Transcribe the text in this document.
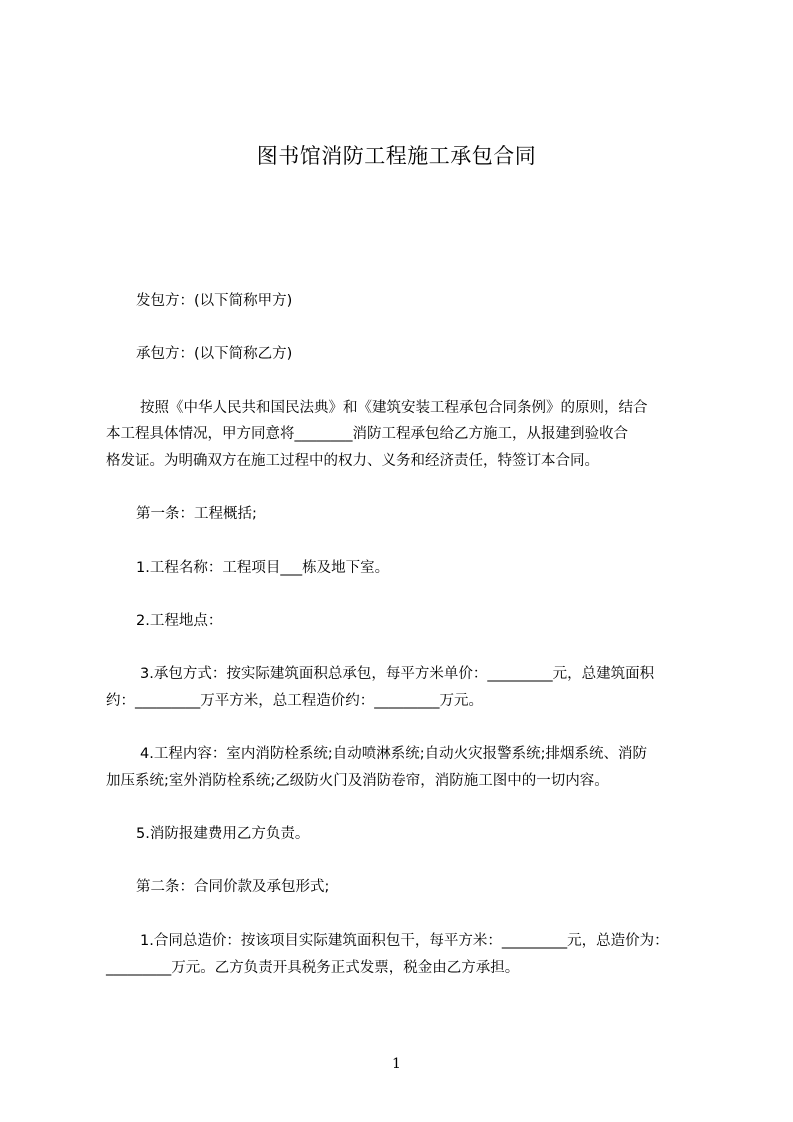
图书馆消防工程施工承包合同
发包方：(以下简称甲方)
承包方：(以下简称乙方)
按照《中华人民共和国民法典》和《建筑安装工程承包合同条例》的原则，结合
本工程具体情况，甲方同意将________消防工程承包给乙方施工，从报建到验收合
格发证。为明确双方在施工过程中的权力、义务和经济责任，特签订本合同。
第一条：工程概括;
1.工程名称：工程项目___栋及地下室。
2.工程地点：
3.承包方式：按实际建筑面积总承包，每平方米单价：_________元，总建筑面积
约：_________万平方米，总工程造价约：_________万元。
4.工程内容：室内消防栓系统;自动喷淋系统;自动火灾报警系统;排烟系统、消防
加压系统;室外消防栓系统;乙级防火门及消防卷帘，消防施工图中的一切内容。
5.消防报建费用乙方负责。
第二条：合同价款及承包形式;
1.合同总造价：按该项目实际建筑面积包干，每平方米：_________元，总造价为：
_________万元。乙方负责开具税务正式发票，税金由乙方承担。
1
